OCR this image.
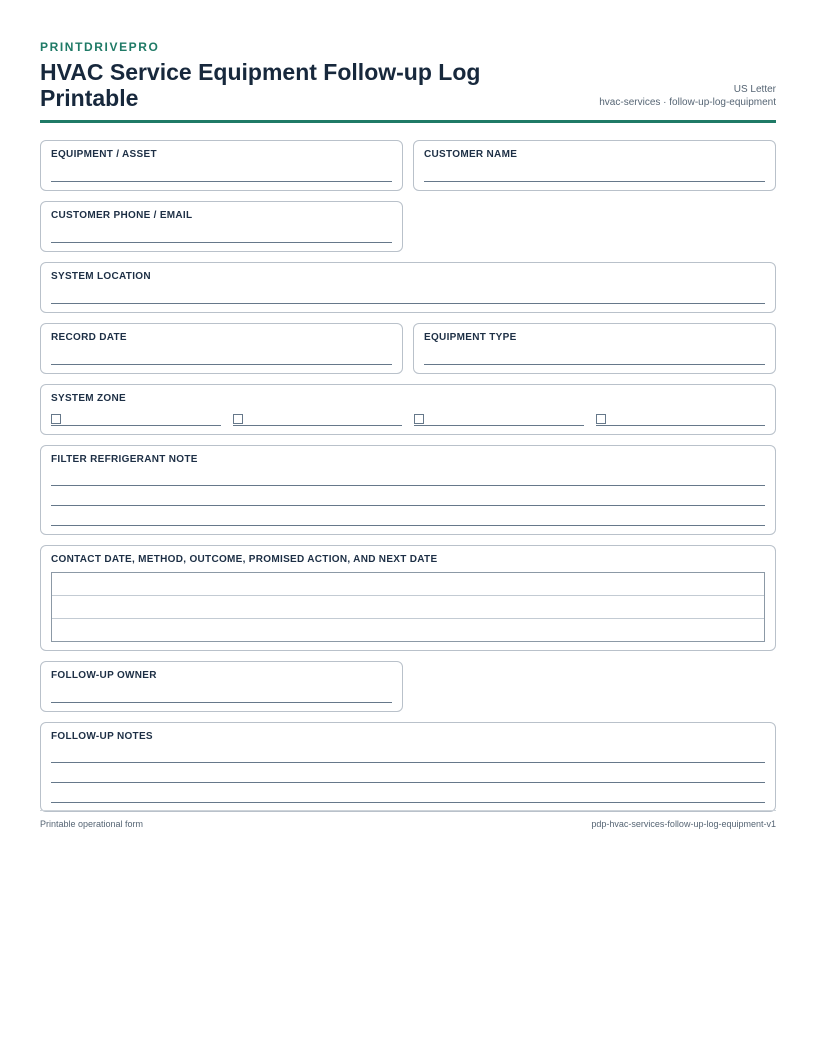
PRINTDRIVEPRO
HVAC Service Equipment Follow-up Log Printable	US Letter
hvac-services · follow-up-log-equipment
EQUIPMENT / ASSET	CUSTOMER NAME
CUSTOMER PHONE / EMAIL
SYSTEM LOCATION
RECORD DATE	EQUIPMENT TYPE
SYSTEM ZONE
FILTER REFRIGERANT NOTE
CONTACT DATE, METHOD, OUTCOME, PROMISED ACTION, AND NEXT DATE
FOLLOW-UP OWNER
FOLLOW-UP NOTES
Printable operational form	pdp-hvac-services-follow-up-log-equipment-v1
